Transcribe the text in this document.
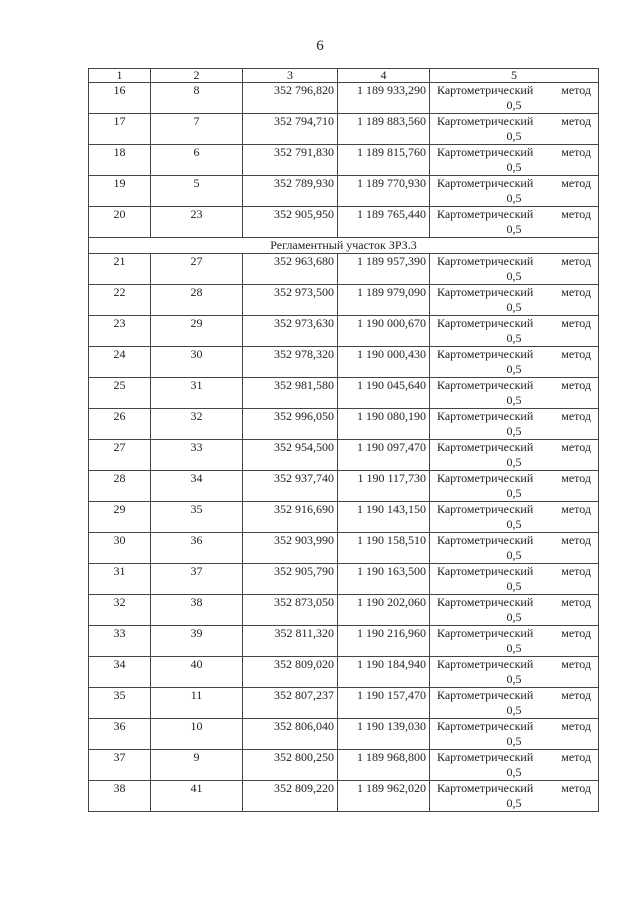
6
1	2	3	4	5
16	8	352 796,820	1 189 933,290	Картометрический метод
0,5

17	7	352 794,710	1 189 883,560	Картометрический метод
0,5

18	6	352 791,830	1 189 815,760	Картометрический метод
0,5

19	5	352 789,930	1 189 770,930	Картометрический метод
0,5

20	23	352 905,950	1 189 765,440	Картометрический метод
0,5

Регламентный участок ЗРЗ.3				
21	27	352 963,680	1 189 957,390	Картометрический метод
0,5

22	28	352 973,500	1 189 979,090	Картометрический метод
0,5

23	29	352 973,630	1 190 000,670	Картометрический метод
0,5

24	30	352 978,320	1 190 000,430	Картометрический метод
0,5

25	31	352 981,580	1 190 045,640	Картометрический метод
0,5

26	32	352 996,050	1 190 080,190	Картометрический метод
0,5

27	33	352 954,500	1 190 097,470	Картометрический метод
0,5

28	34	352 937,740	1 190 117,730	Картометрический метод
0,5

29	35	352 916,690	1 190 143,150	Картометрический метод
0,5

30	36	352 903,990	1 190 158,510	Картометрический метод
0,5

31	37	352 905,790	1 190 163,500	Картометрический метод
0,5

32	38	352 873,050	1 190 202,060	Картометрический метод
0,5

33	39	352 811,320	1 190 216,960	Картометрический метод
0,5

34	40	352 809,020	1 190 184,940	Картометрический метод
0,5

35	11	352 807,237	1 190 157,470	Картометрический метод
0,5

36	10	352 806,040	1 190 139,030	Картометрический метод
0,5

37	9	352 800,250	1 189 968,800	Картометрический метод
0,5

38	41	352 809,220	1 189 962,020	Картометрический метод
0,5
